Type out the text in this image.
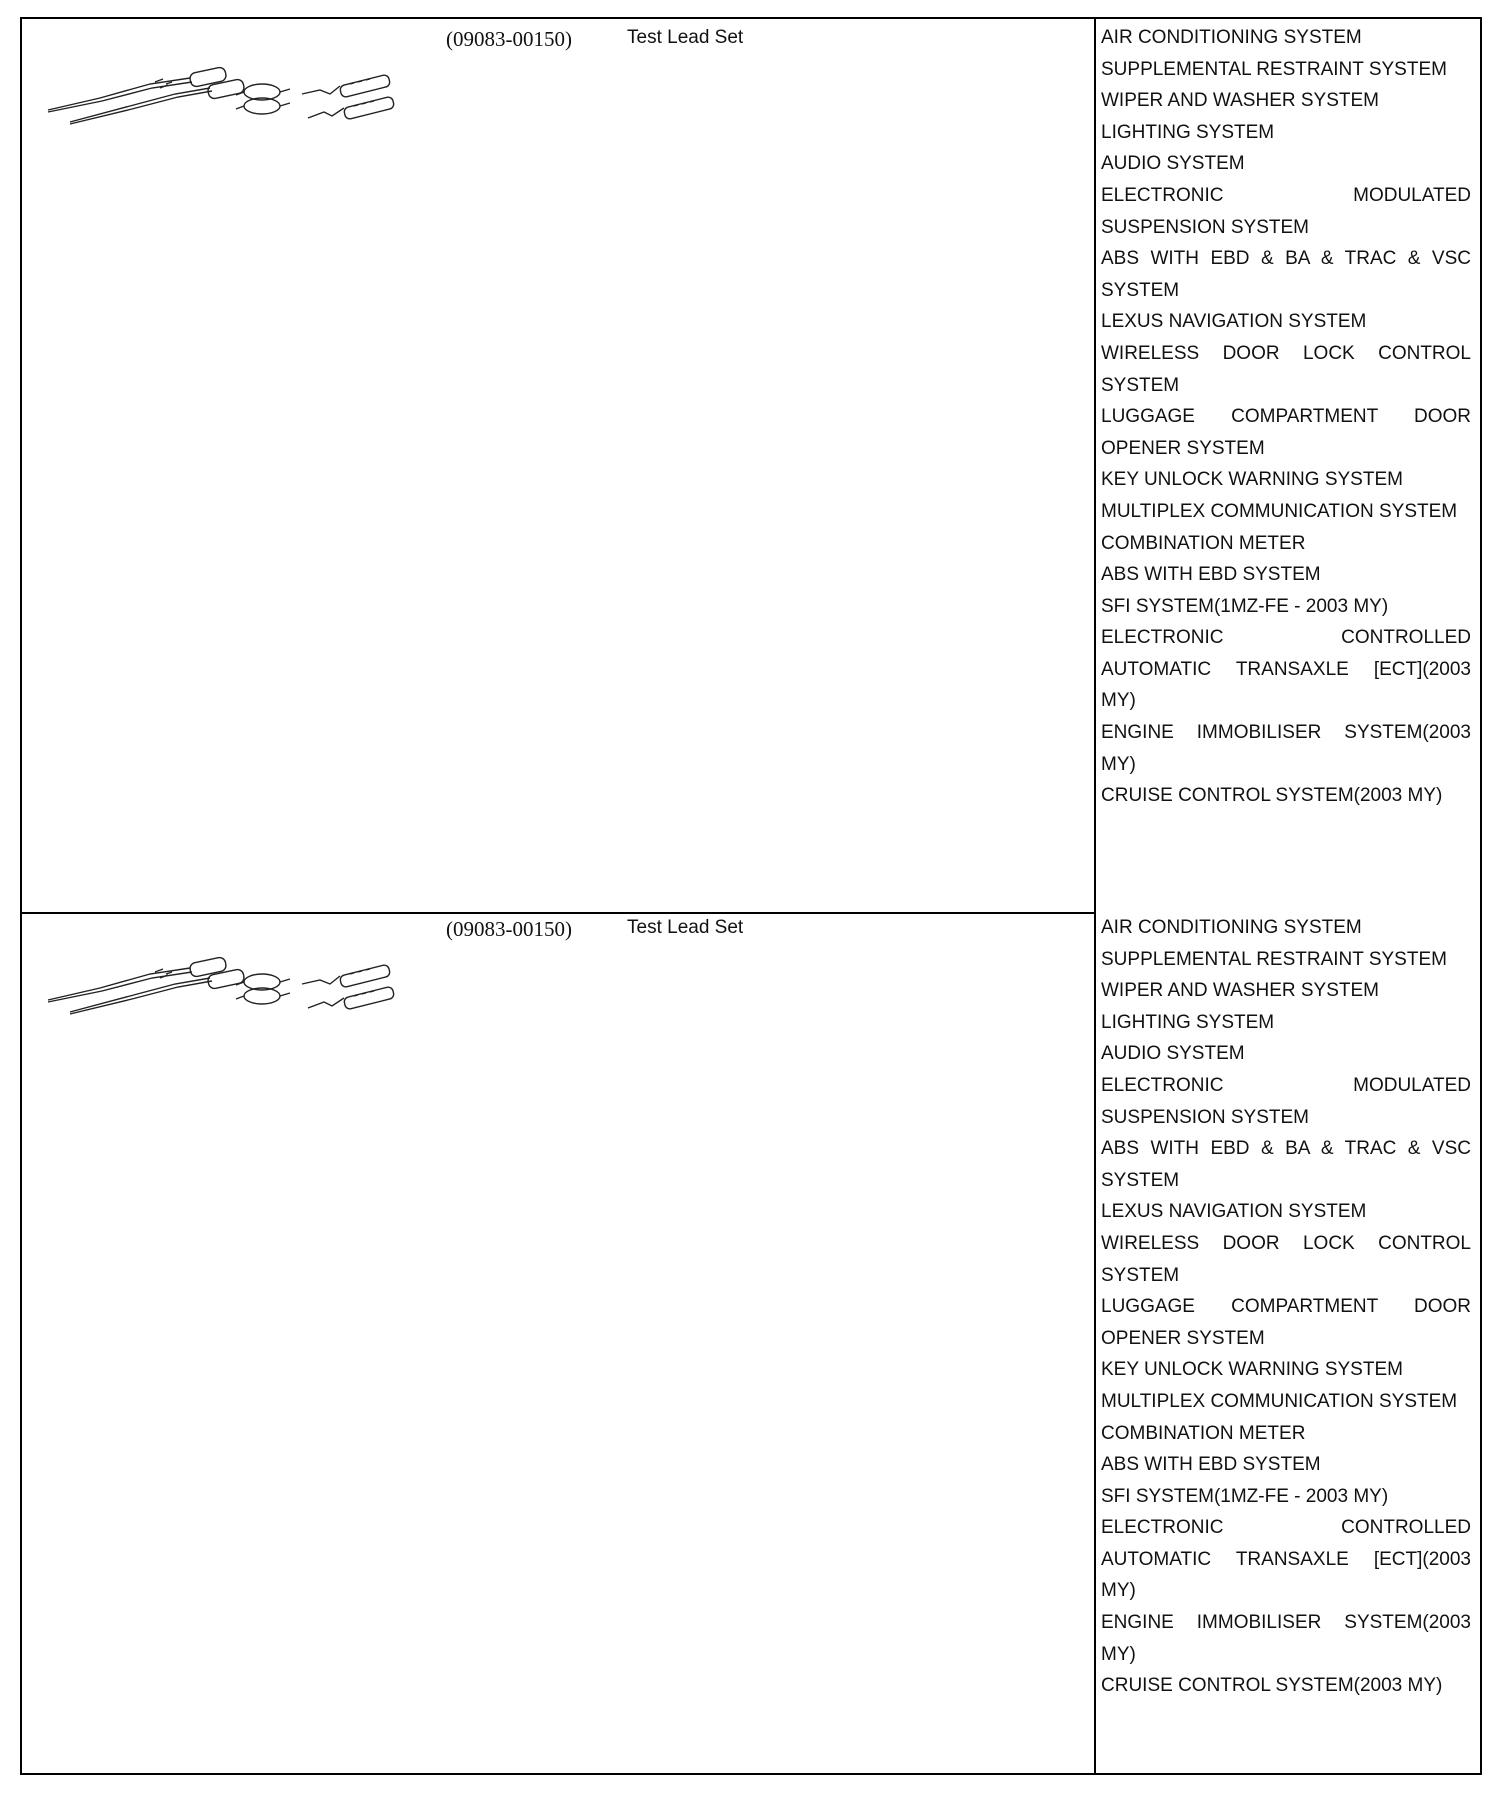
(09083-00150)	Test Lead Set	AIR CONDITIONING SYSTEM
SUPPLEMENTAL RESTRAINT SYSTEM
WIPER AND WASHER SYSTEM
LIGHTING SYSTEM
AUDIO SYSTEM
ELECTRONIC MODULATED SUSPENSION SYSTEM
ABS WITH EBD & BA & TRAC & VSC SYSTEM
LEXUS NAVIGATION SYSTEM
WIRELESS DOOR LOCK CONTROL SYSTEM
LUGGAGE COMPARTMENT DOOR OPENER SYSTEM
KEY UNLOCK WARNING SYSTEM
MULTIPLEX COMMUNICATION SYSTEM
COMBINATION METER
ABS WITH EBD SYSTEM
SFI SYSTEM(1MZ-FE - 2003 MY)
ELECTRONIC CONTROLLED AUTOMATIC TRANSAXLE [ECT](2003 MY)
ENGINE IMMOBILISER SYSTEM(2003 MY)
CRUISE CONTROL SYSTEM(2003 MY)
(09083-00150)	Test Lead Set	AIR CONDITIONING SYSTEM
SUPPLEMENTAL RESTRAINT SYSTEM
WIPER AND WASHER SYSTEM
LIGHTING SYSTEM
AUDIO SYSTEM
ELECTRONIC MODULATED SUSPENSION SYSTEM
ABS WITH EBD & BA & TRAC & VSC SYSTEM
LEXUS NAVIGATION SYSTEM
WIRELESS DOOR LOCK CONTROL SYSTEM
LUGGAGE COMPARTMENT DOOR OPENER SYSTEM
KEY UNLOCK WARNING SYSTEM
MULTIPLEX COMMUNICATION SYSTEM
COMBINATION METER
ABS WITH EBD SYSTEM
SFI SYSTEM(1MZ-FE - 2003 MY)
ELECTRONIC CONTROLLED AUTOMATIC TRANSAXLE [ECT](2003 MY)
ENGINE IMMOBILISER SYSTEM(2003 MY)
CRUISE CONTROL SYSTEM(2003 MY)
